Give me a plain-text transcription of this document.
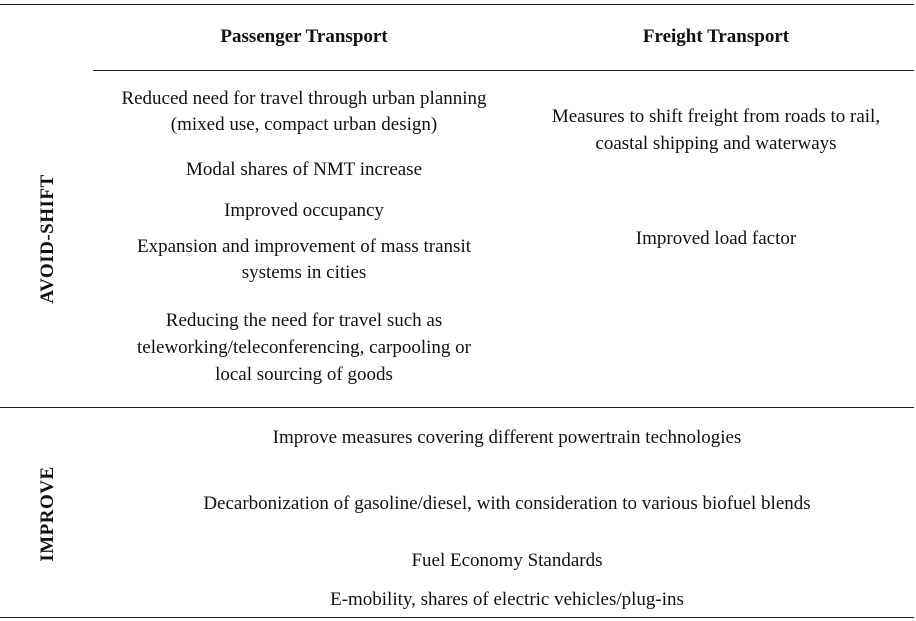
Passenger Transport	Freight Transport
AVOID-SHIFT
Reduced need for travel through urban planning
(mixed use, compact urban design)
Modal shares of NMT increase
Improved occupancy
Expansion and improvement of mass transit
systems in cities
Reducing the need for travel such as
teleworking/teleconferencing, carpooling or
local sourcing of goods
Measures to shift freight from roads to rail,
coastal shipping and waterways
Improved load factor
IMPROVE
Improve measures covering different powertrain technologies
Decarbonization of gasoline/diesel, with consideration to various biofuel blends
Fuel Economy Standards
E-mobility, shares of electric vehicles/plug-ins
